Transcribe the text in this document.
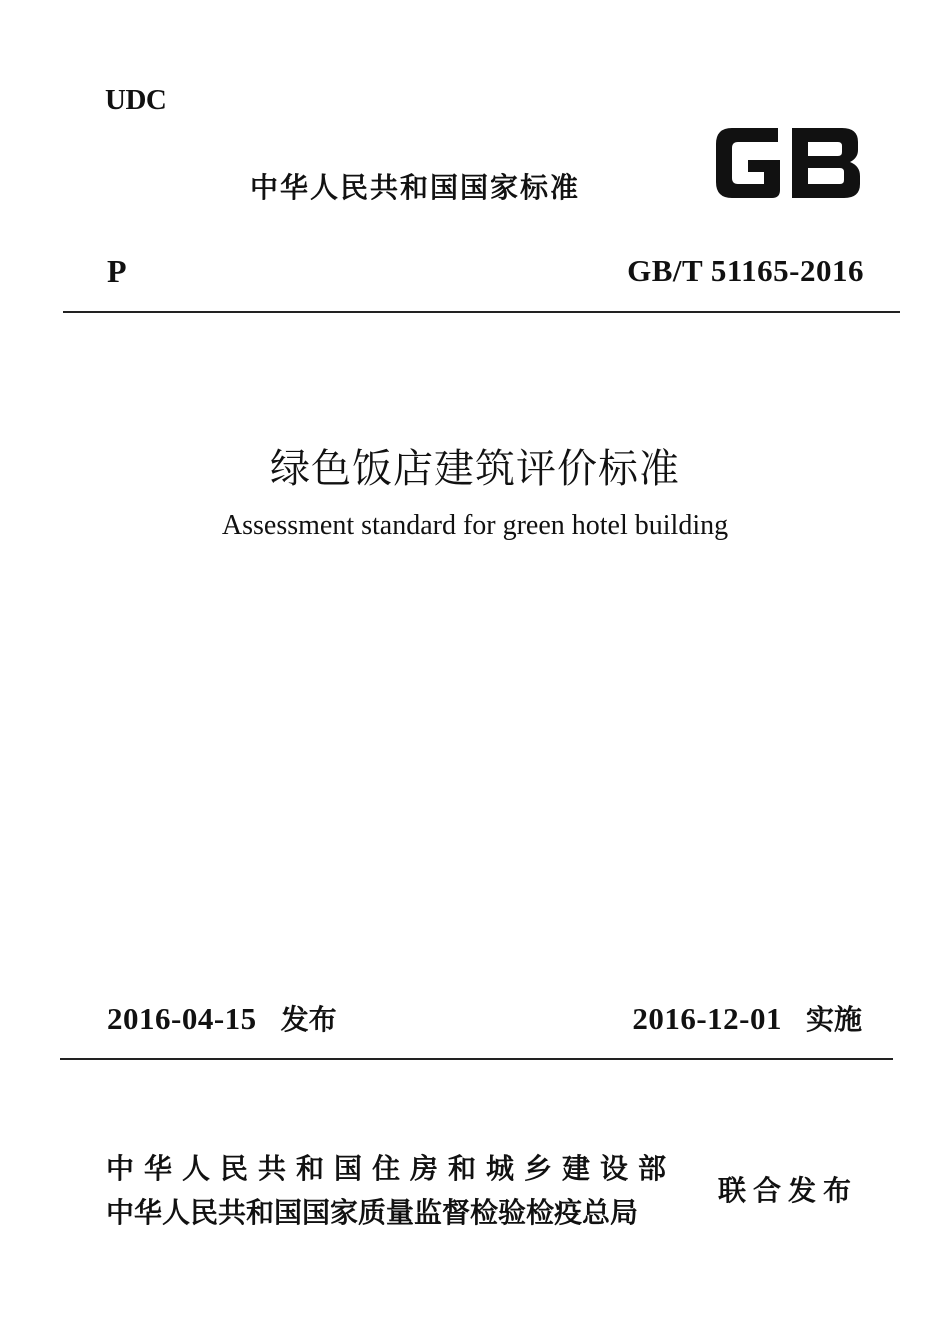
UDC
中华人民共和国国家标准
P	GB/T 51165-2016
绿色饭店建筑评价标准
Assessment standard for green hotel building
2016-04-15 发布	2016-12-01 实施
中华人民共和国住房和城乡建设部
中华人民共和国国家质量监督检验检疫总局
联合发布
